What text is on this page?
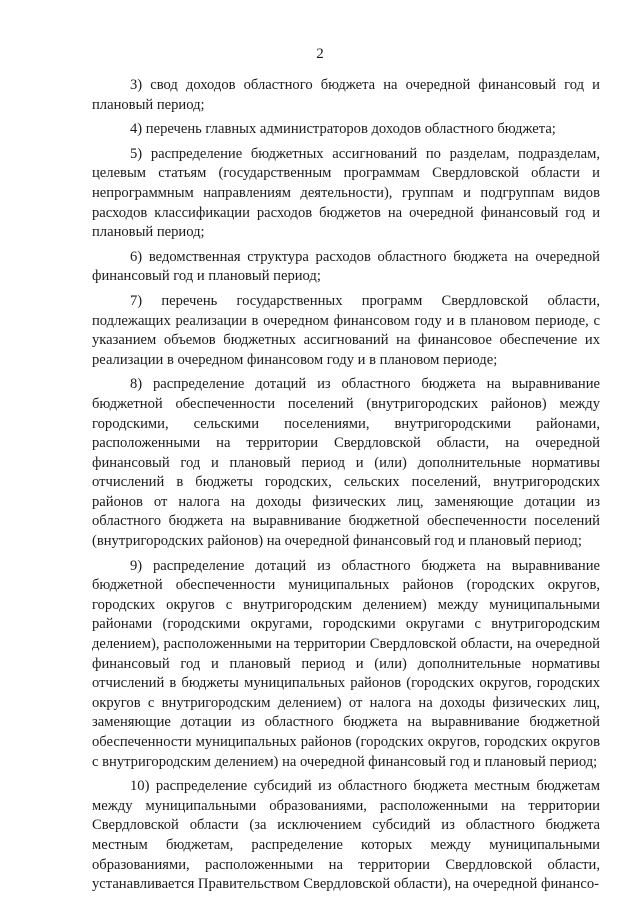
2

3) свод доходов областного бюджета на очередной финансовый год и плановый период;

4) перечень главных администраторов доходов областного бюджета;

5) распределение бюджетных ассигнований по разделам, подразделам, целевым статьям (государственным программам Свердловской области и непрограммным направлениям деятельности), группам и подгруппам видов расходов классификации расходов бюджетов на очередной финансовый год и плановый период;

6) ведомственная структура расходов областного бюджета на очередной финансовый год и плановый период;

7) перечень государственных программ Свердловской области, подлежащих реализации в очередном финансовом году и в плановом периоде, с указанием объемов бюджетных ассигнований на финансовое обеспечение их реализации в очередном финансовом году и в плановом периоде;

8) распределение дотаций из областного бюджета на выравнивание бюджетной обеспеченности поселений (внутригородских районов) между городскими, сельскими поселениями, внутригородскими районами, расположенными на территории Свердловской области, на очередной финансовый год и плановый период и (или) дополнительные нормативы отчислений в бюджеты городских, сельских поселений, внутригородских районов от налога на доходы физических лиц, заменяющие дотации из областного бюджета на выравнивание бюджетной обеспеченности поселений (внутригородских районов) на очередной финансовый год и плановый период;

9) распределение дотаций из областного бюджета на выравнивание бюджетной обеспеченности муниципальных районов (городских округов, городских округов с внутригородским делением) между муниципальными районами (городскими округами, городскими округами с внутригородским делением), расположенными на территории Свердловской области, на очередной финансовый год и плановый период и (или) дополнительные нормативы отчислений в бюджеты муниципальных районов (городских округов, городских округов с внутригородским делением) от налога на доходы физических лиц, заменяющие дотации из областного бюджета на выравнивание бюджетной обеспеченности муниципальных районов (городских округов, городских округов с внутригородским делением) на очередной финансовый год и плановый период;

10) распределение субсидий из областного бюджета местным бюджетам между муниципальными образованиями, расположенными на территории Свердловской области (за исключением субсидий из областного бюджета местным бюджетам, распределение которых между муниципальными образованиями, расположенными на территории Свердловской области, устанавливается Правительством Свердловской области), на очередной финансо-
